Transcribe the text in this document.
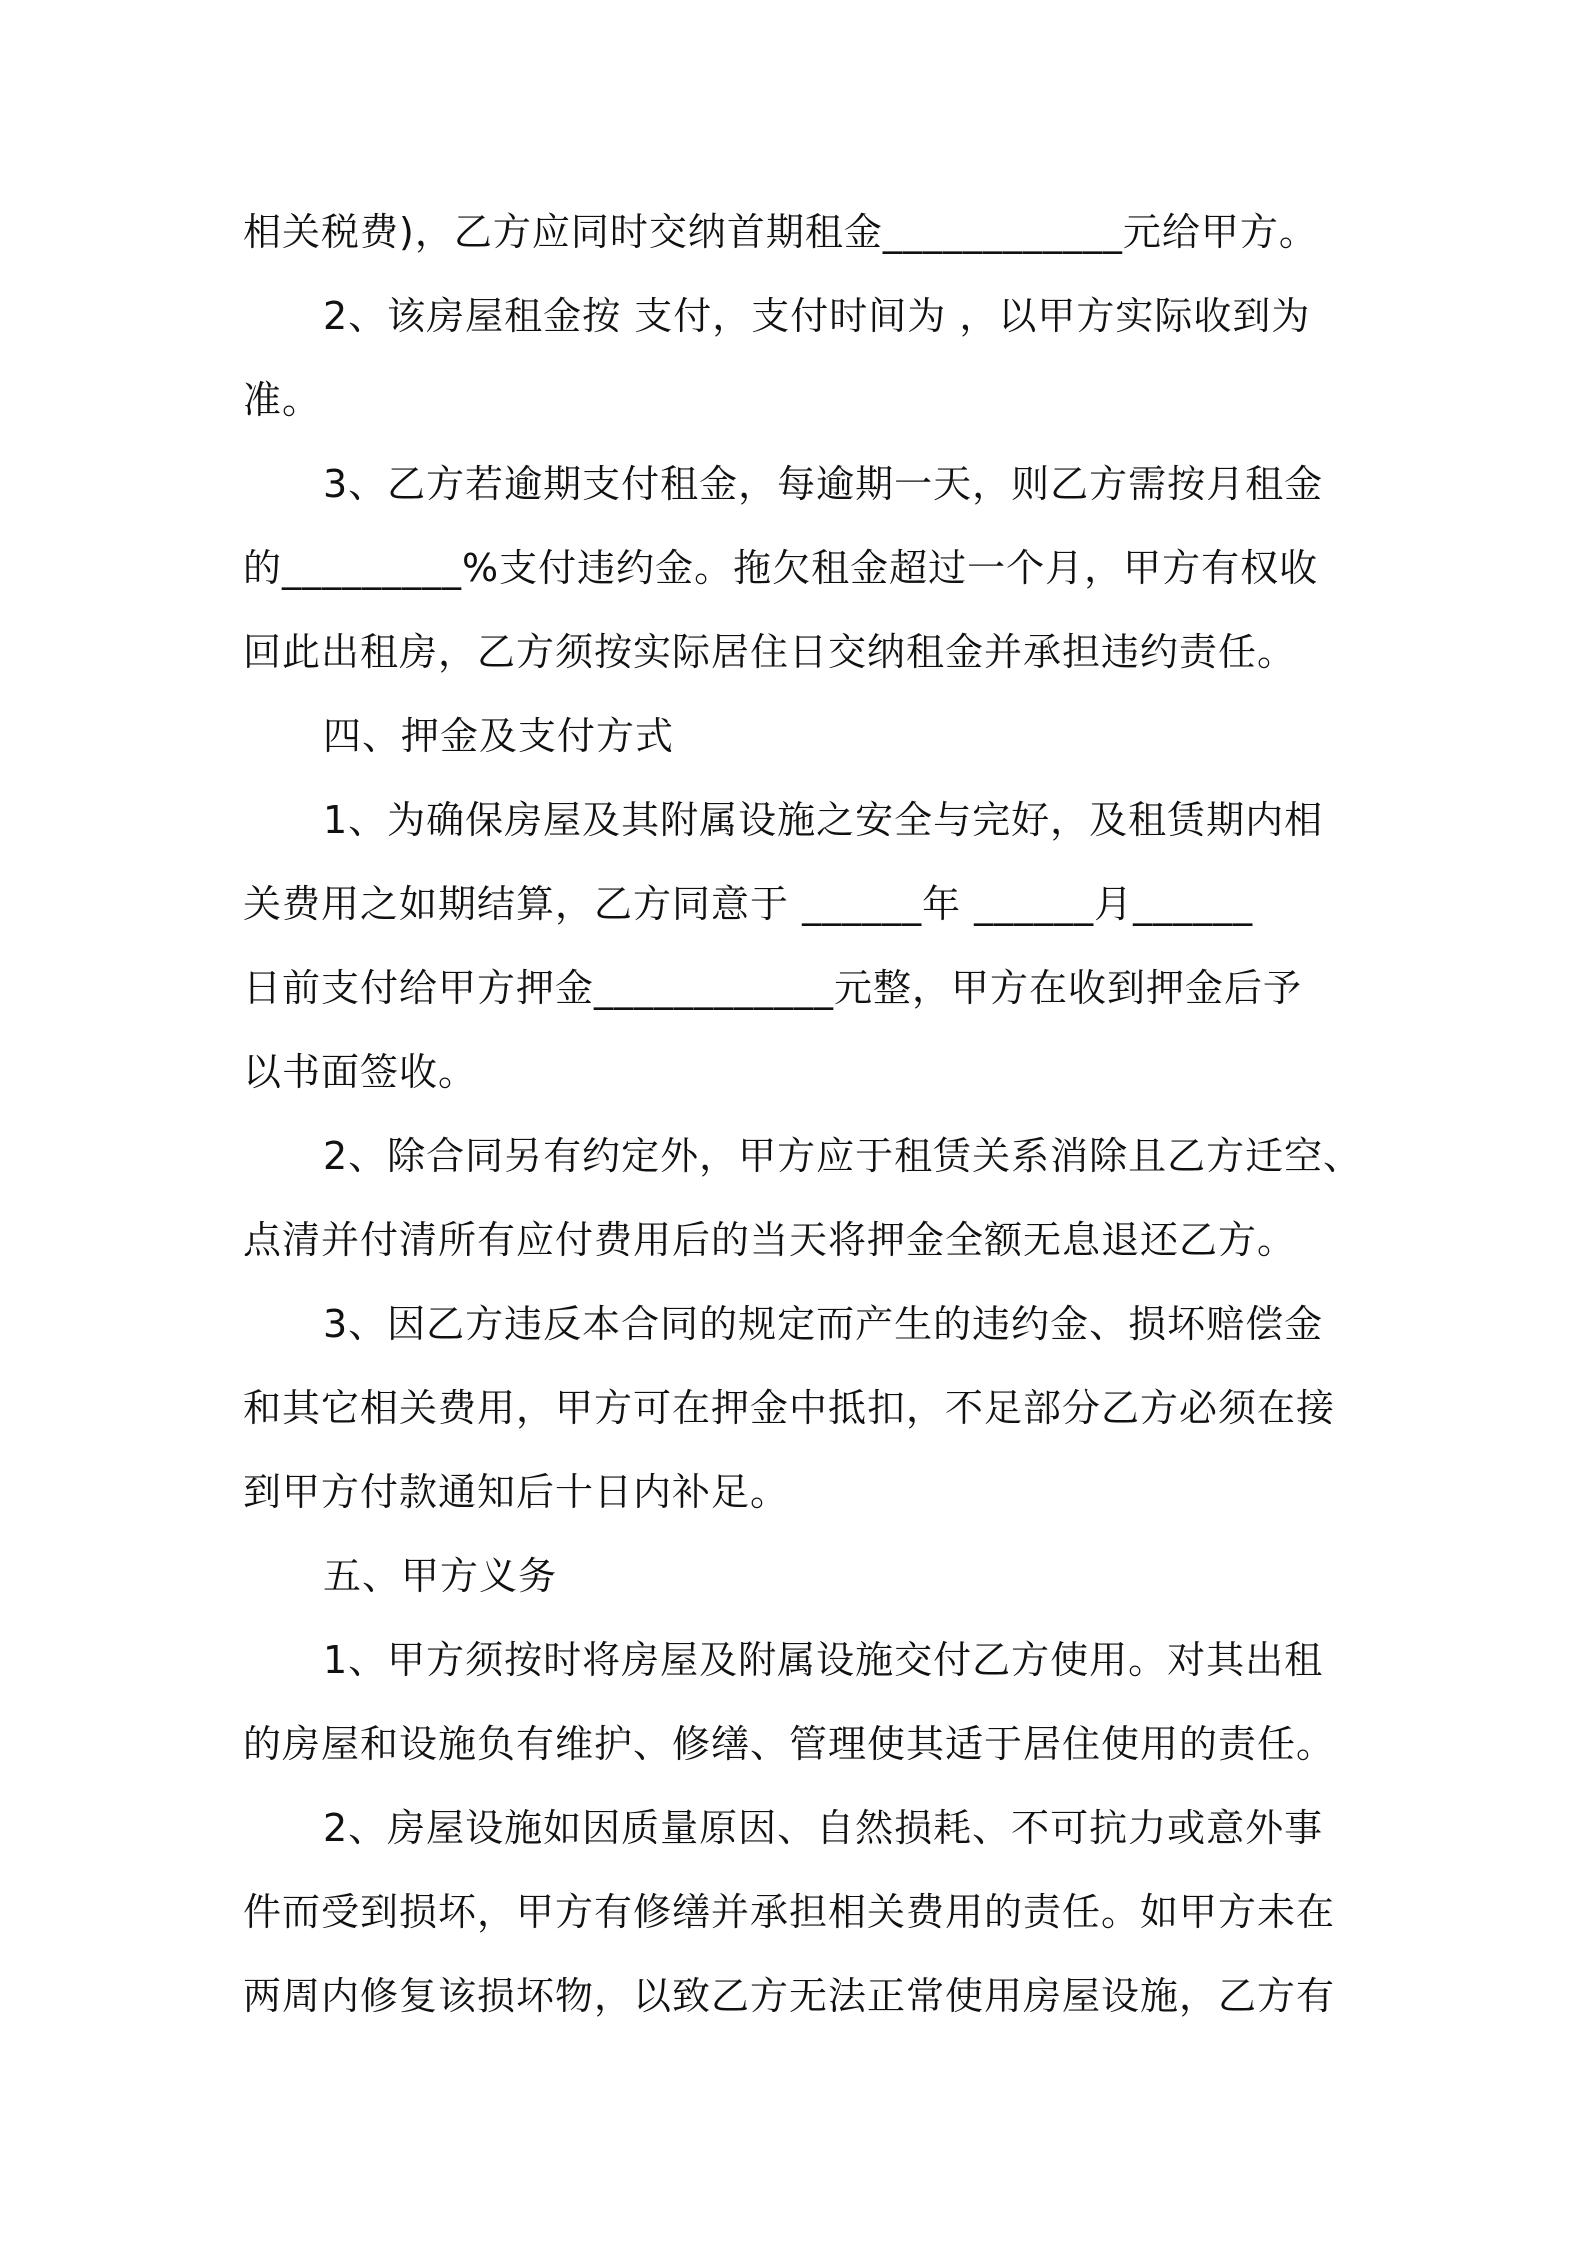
相关税费)，乙方应同时交纳首期租金____________元给甲方。
2、该房屋租金按 支付，支付时间为 ，以甲方实际收到为
准。
3、乙方若逾期支付租金，每逾期一天，则乙方需按月租金
的_________%支付违约金。拖欠租金超过一个月，甲方有权收
回此出租房，乙方须按实际居住日交纳租金并承担违约责任。
四、押金及支付方式
1、为确保房屋及其附属设施之安全与完好，及租赁期内相
关费用之如期结算，乙方同意于 ______年 ______月______
日前支付给甲方押金____________元整，甲方在收到押金后予
以书面签收。
2、除合同另有约定外，甲方应于租赁关系消除且乙方迁空、
点清并付清所有应付费用后的当天将押金全额无息退还乙方。
3、因乙方违反本合同的规定而产生的违约金、损坏赔偿金
和其它相关费用，甲方可在押金中抵扣，不足部分乙方必须在接
到甲方付款通知后十日内补足。
五、甲方义务
1、甲方须按时将房屋及附属设施交付乙方使用。对其出租
的房屋和设施负有维护、修缮、管理使其适于居住使用的责任。
2、房屋设施如因质量原因、自然损耗、不可抗力或意外事
件而受到损坏，甲方有修缮并承担相关费用的责任。如甲方未在
两周内修复该损坏物，以致乙方无法正常使用房屋设施，乙方有
